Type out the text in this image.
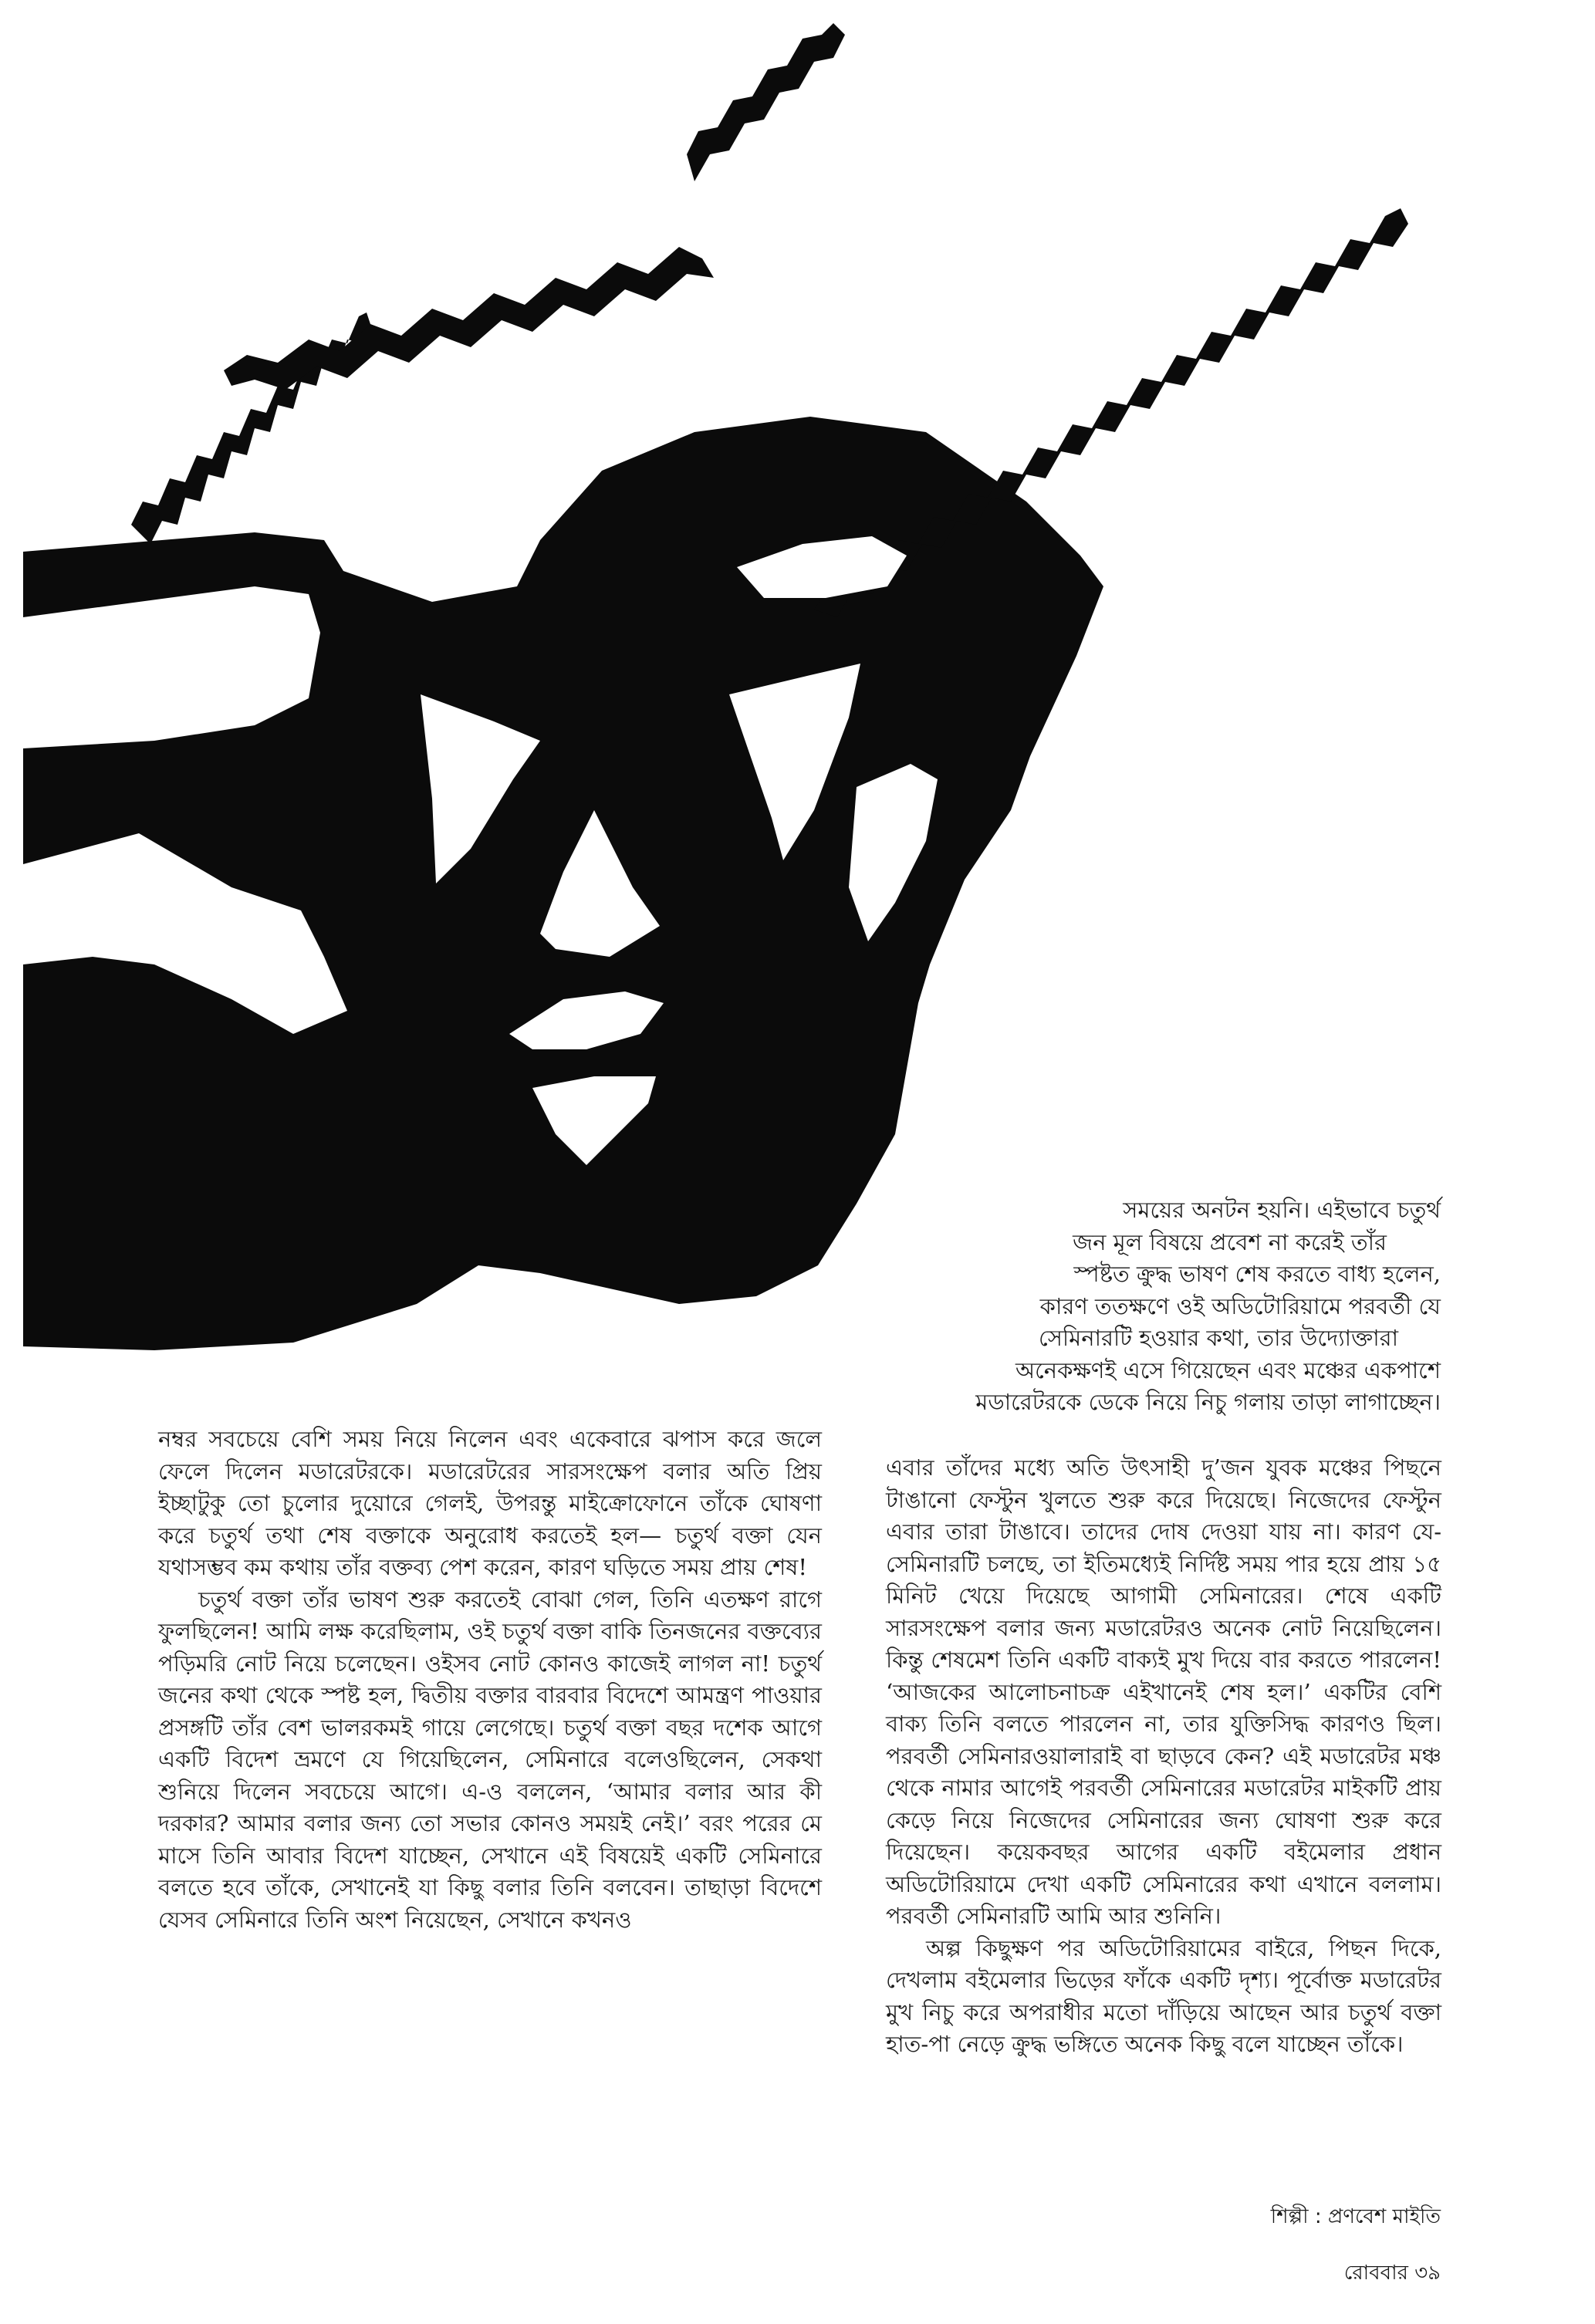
সময়ের অনটন হয়নি। এইভাবে চতুর্থ
জন মূল বিষয়ে প্রবেশ না করেই তাঁর
স্পষ্টত ক্রুদ্ধ ভাষণ শেষ করতে বাধ্য হলেন,
কারণ ততক্ষণে ওই অডিটোরিয়ামে পরবর্তী যে
সেমিনারটি হওয়ার কথা, তার উদ্যোক্তারা
অনেকক্ষণই এসে গিয়েছেন এবং মঞ্চের একপাশে
মডারেটরকে ডেকে নিয়ে নিচু গলায় তাড়া লাগাচ্ছেন।

নম্বর সবচেয়ে বেশি সময় নিয়ে নিলেন এবং একেবারে ঝপাস করে জলে ফেলে দিলেন মডারেটরকে। মডারেটরের সারসংক্ষেপ বলার অতি প্রিয় ইচ্ছাটুকু তো চুলোর দুয়োরে গেলই, উপরন্তু মাইক্রোফোনে তাঁকে ঘোষণা করে চতুর্থ তথা শেষ বক্তাকে অনুরোধ করতেই হল— চতুর্থ বক্তা যেন যথাসম্ভব কম কথায় তাঁর বক্তব্য পেশ করেন, কারণ ঘড়িতে সময় প্রায় শেষ!

চতুর্থ বক্তা তাঁর ভাষণ শুরু করতেই বোঝা গেল, তিনি এতক্ষণ রাগে ফুলছিলেন! আমি লক্ষ করেছিলাম, ওই চতুর্থ বক্তা বাকি তিনজনের বক্তব্যের পড়িমরি নোট নিয়ে চলেছেন। ওইসব নোট কোনও কাজেই লাগল না! চতুর্থ জনের কথা থেকে স্পষ্ট হল, দ্বিতীয় বক্তার বারবার বিদেশে আমন্ত্রণ পাওয়ার প্রসঙ্গটি তাঁর বেশ ভালরকমই গায়ে লেগেছে। চতুর্থ বক্তা বছর দশেক আগে একটি বিদেশ ভ্রমণে যে গিয়েছিলেন, সেমিনারে বলেওছিলেন, সেকথা শুনিয়ে দিলেন সবচেয়ে আগে। এ-ও বললেন, ‘আমার বলার আর কী দরকার? আমার বলার জন্য তো সভার কোনও সময়ই নেই।’ বরং পরের মে মাসে তিনি আবার বিদেশ যাচ্ছেন, সেখানে এই বিষয়েই একটি সেমিনারে বলতে হবে তাঁকে, সেখানেই যা কিছু বলার তিনি বলবেন। তাছাড়া বিদেশে যেসব সেমিনারে তিনি অংশ নিয়েছেন, সেখানে কখনও

এবার তাঁদের মধ্যে অতি উৎসাহী দু’জন যুবক মঞ্চের পিছনে টাঙানো ফেস্টুন খুলতে শুরু করে দিয়েছে। নিজেদের ফেস্টুন এবার তারা টাঙাবে। তাদের দোষ দেওয়া যায় না। কারণ যে-সেমিনারটি চলছে, তা ইতিমধ্যেই নির্দিষ্ট সময় পার হয়ে প্রায় ১৫ মিনিট খেয়ে দিয়েছে আগামী সেমিনারের। শেষে একটি সারসংক্ষেপ বলার জন্য মডারেটরও অনেক নোট নিয়েছিলেন। কিন্তু শেষমেশ তিনি একটি বাক্যই মুখ দিয়ে বার করতে পারলেন! ‘আজকের আলোচনাচক্র এইখানেই শেষ হল।’ একটির বেশি বাক্য তিনি বলতে পারলেন না, তার যুক্তিসিদ্ধ কারণও ছিল। পরবর্তী সেমিনারওয়ালারাই বা ছাড়বে কেন? এই মডারেটর মঞ্চ থেকে নামার আগেই পরবর্তী সেমিনারের মডারেটর মাইকটি প্রায় কেড়ে নিয়ে নিজেদের সেমিনারের জন্য ঘোষণা শুরু করে দিয়েছেন। কয়েকবছর আগের একটি বইমেলার প্রধান অডিটোরিয়ামে দেখা একটি সেমিনারের কথা এখানে বললাম। পরবর্তী সেমিনারটি আমি আর শুনিনি।

অল্প কিছুক্ষণ পর অডিটোরিয়ামের বাইরে, পিছন দিকে, দেখলাম বইমেলার ভিড়ের ফাঁকে একটি দৃশ্য। পূর্বোক্ত মডারেটর মুখ নিচু করে অপরাধীর মতো দাঁড়িয়ে আছেন আর চতুর্থ বক্তা হাত-পা নেড়ে ক্রুদ্ধ ভঙ্গিতে অনেক কিছু বলে যাচ্ছেন তাঁকে।

শিল্পী : প্রণবেশ মাইতি
রোববার ৩৯
